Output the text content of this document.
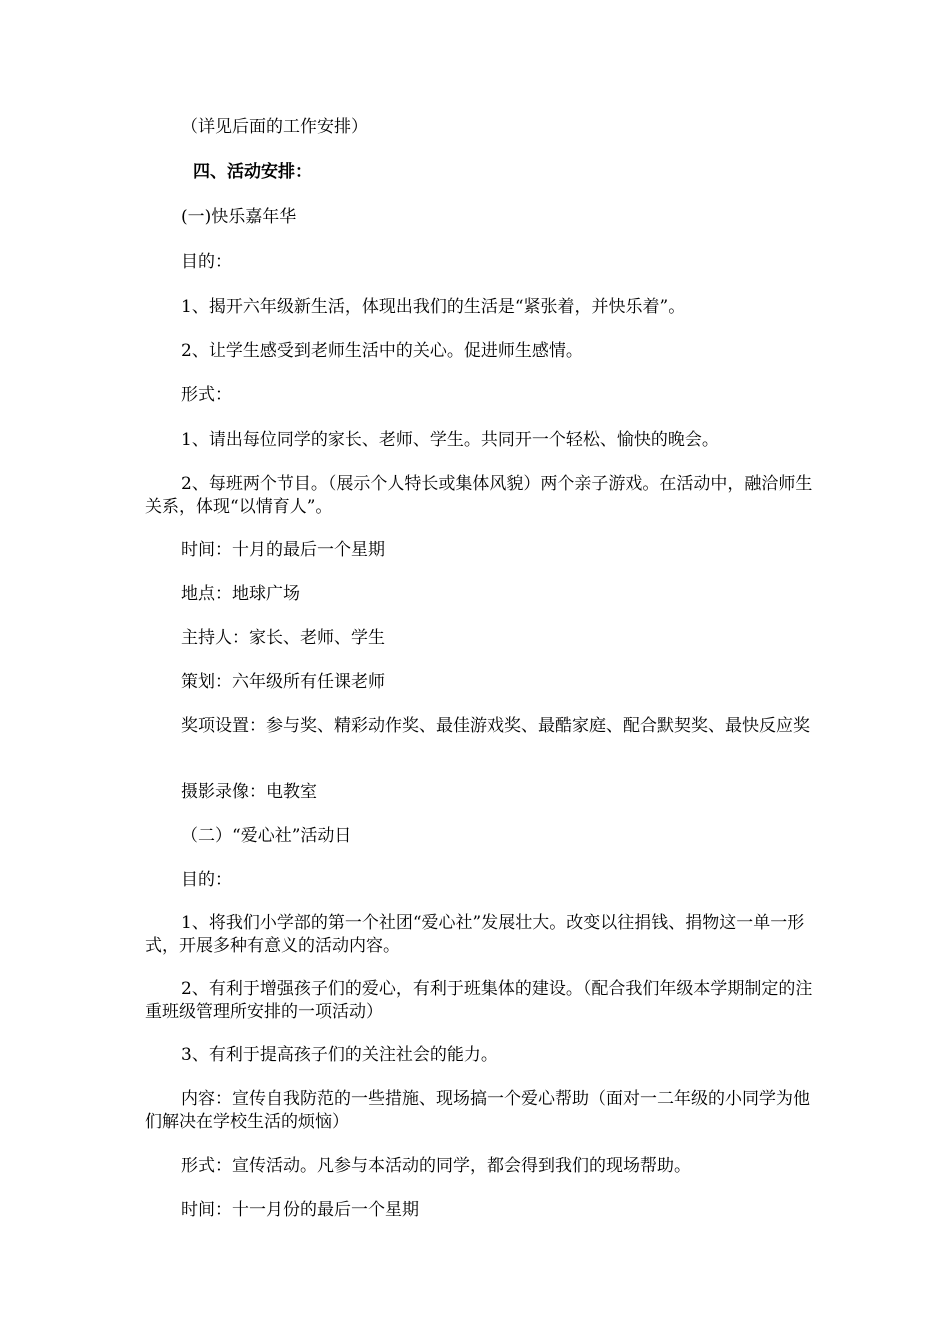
（详见后面的工作安排）
四、活动安排：
(一)快乐嘉年华
目的：
1、揭开六年级新生活，体现出我们的生活是“紧张着，并快乐着”。
2、让学生感受到老师生活中的关心。促进师生感情。
形式：
1、请出每位同学的家长、老师、学生。共同开一个轻松、愉快的晚会。
2、每班两个节目。（展示个人特长或集体风貌）两个亲子游戏。在活动中，融洽师生关系，体现“以情育人”。
时间：十月的最后一个星期
地点：地球广场
主持人：家长、老师、学生
策划：六年级所有任课老师
奖项设置：参与奖、精彩动作奖、最佳游戏奖、最酷家庭、配合默契奖、最快反应奖
摄影录像：电教室
（二）“爱心社”活动日
目的：
1、将我们小学部的第一个社团“爱心社”发展壮大。改变以往捐钱、捐物这一单一形式，开展多种有意义的活动内容。
2、有利于增强孩子们的爱心，有利于班集体的建设。（配合我们年级本学期制定的注重班级管理所安排的一项活动）
3、有利于提高孩子们的关注社会的能力。
内容：宣传自我防范的一些措施、现场搞一个爱心帮助（面对一二年级的小同学为他们解决在学校生活的烦恼）
形式：宣传活动。凡参与本活动的同学，都会得到我们的现场帮助。
时间：十一月份的最后一个星期
